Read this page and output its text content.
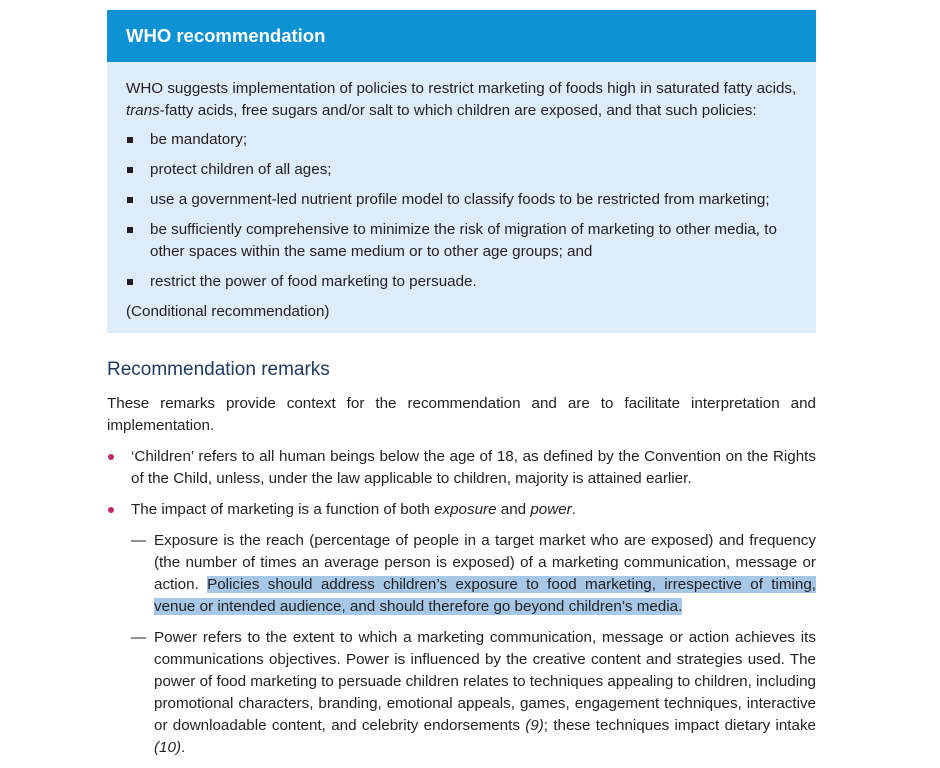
WHO recommendation

WHO suggests implementation of policies to restrict marketing of foods high in saturated fatty acids,
trans-fatty acids, free sugars and/or salt to which children are exposed, and that such policies:

be mandatory;
protect children of all ages;
use a government-led nutrient profile model to classify foods to be restricted from marketing;
be sufficiently comprehensive to minimize the risk of migration of marketing to other media, to other spaces within the same medium or to other age groups; and
restrict the power of food marketing to persuade.

(Conditional recommendation)

Recommendation remarks

These remarks provide context for the recommendation and are to facilitate interpretation and implementation.

‘Children’ refers to all human beings below the age of 18, as defined by the Convention on the Rights of the Child, unless, under the law applicable to children, majority is attained earlier.
The impact of marketing is a function of both exposure and power.
— Exposure is the reach (percentage of people in a target market who are exposed) and frequency (the number of times an average person is exposed) of a marketing communication, message or action. Policies should address children’s exposure to food marketing, irrespective of timing, venue or intended audience, and should therefore go beyond children’s media.
— Power refers to the extent to which a marketing communication, message or action achieves its communications objectives. Power is influenced by the creative content and strategies used. The power of food marketing to persuade children relates to techniques appealing to children, including promotional characters, branding, emotional appeals, games, engagement techniques, interactive or downloadable content, and celebrity endorsements (9); these techniques impact dietary intake (10).
